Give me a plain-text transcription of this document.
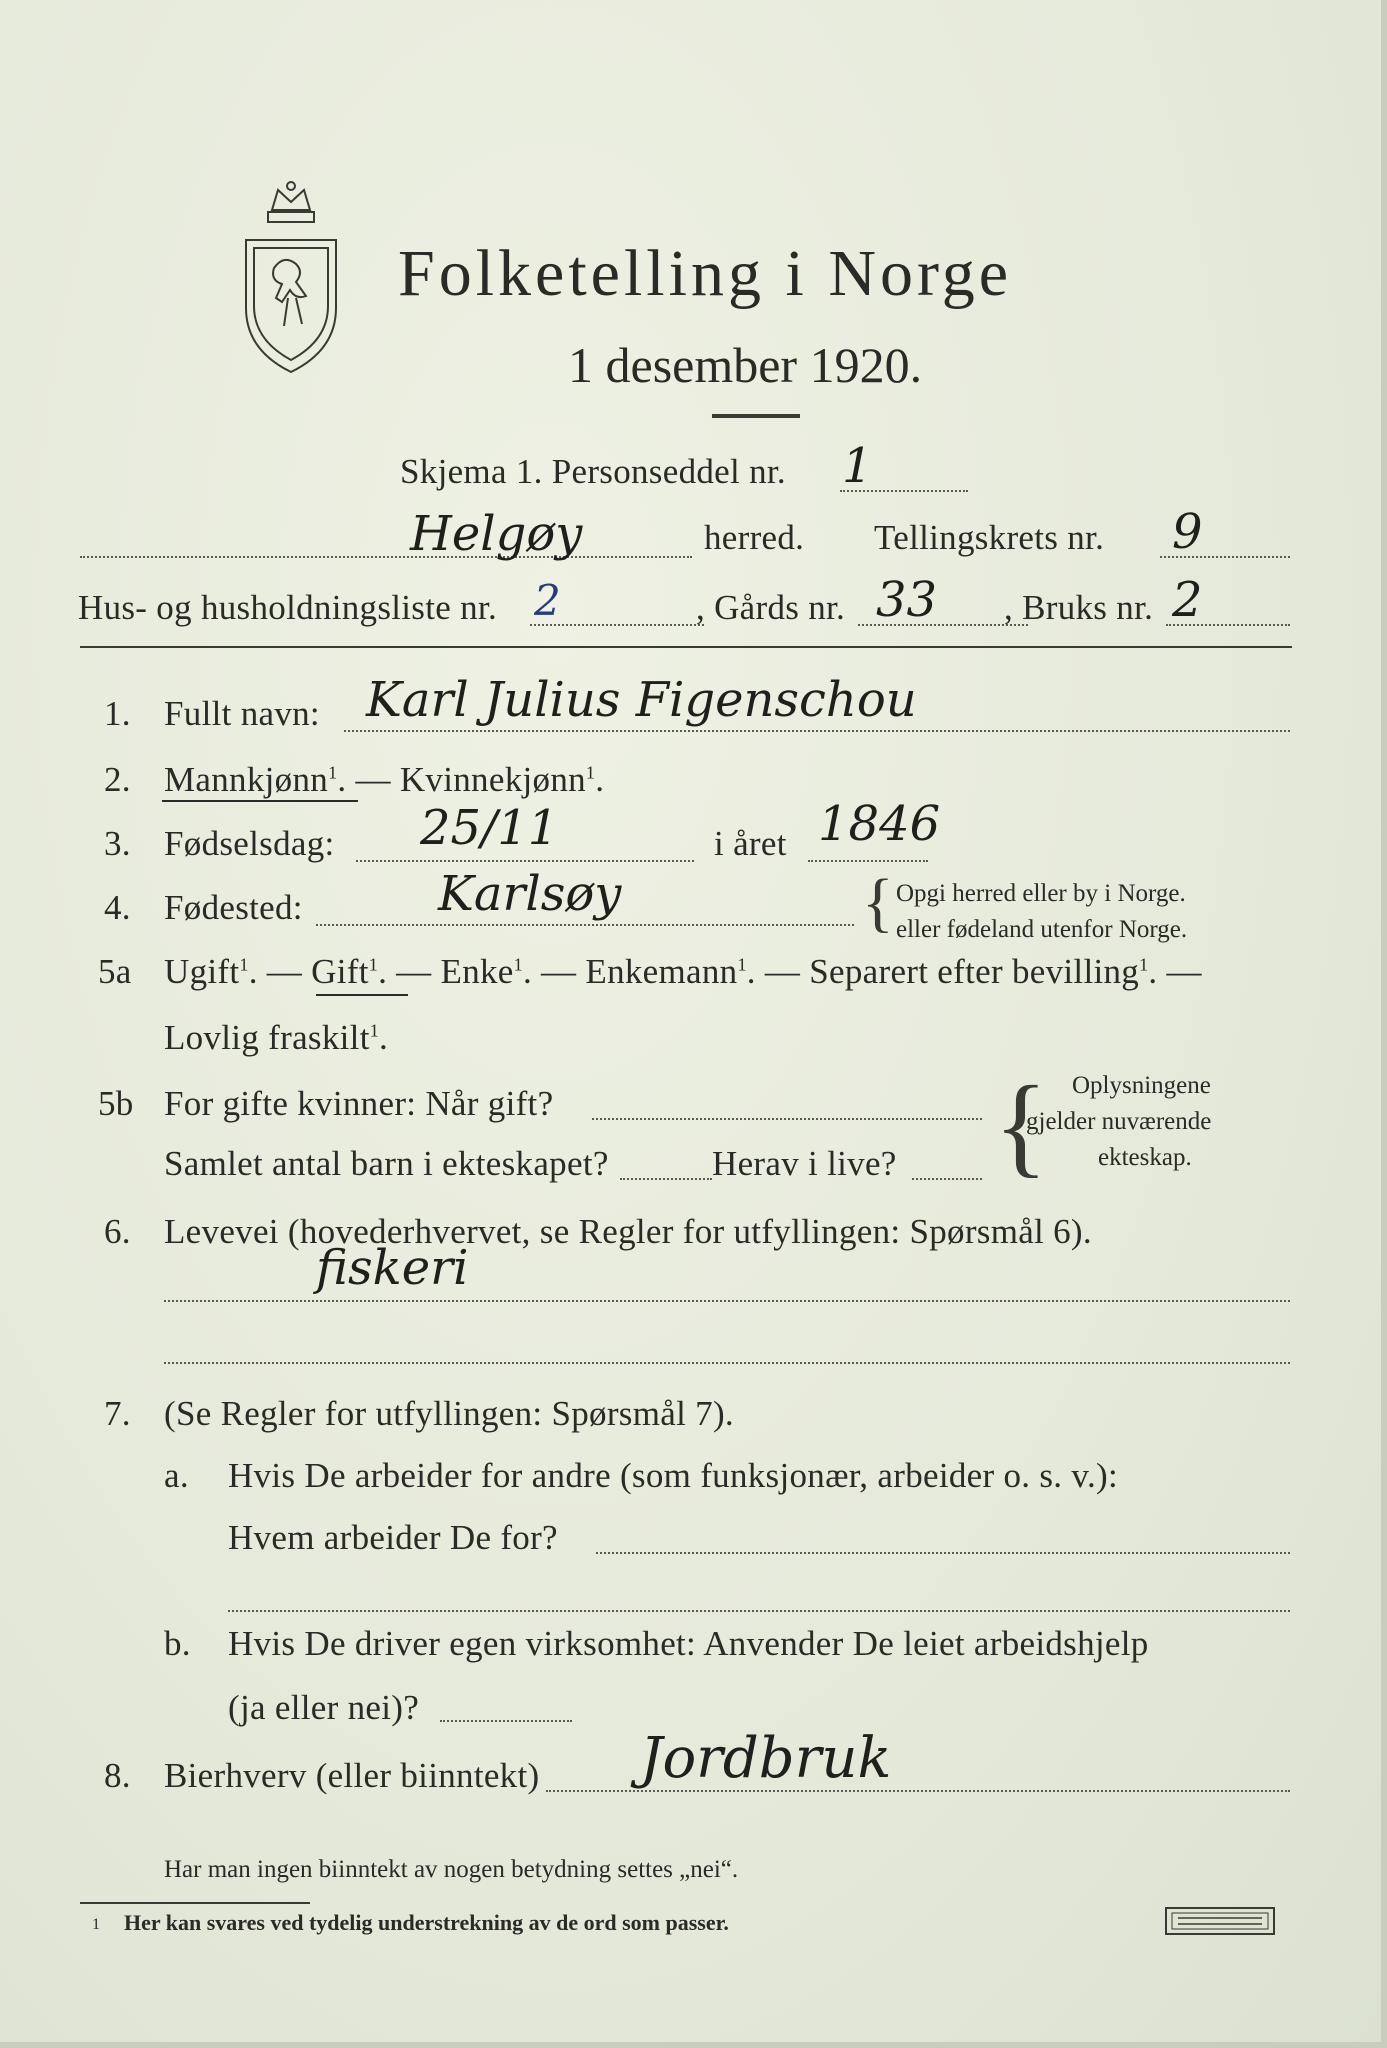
Folketelling i Norge
1 desember 1920.
Skjema 1. Personseddel nr. 1
Helgøy	herred. Tellingskrets nr. 9
Hus- og husholdningsliste nr. 2	, Gårds nr. 33 , Bruks nr. 2
1. Fullt navn: Karl Julius Figenschou
2. Mannkjønn$^1$. — Kvinnekjønn$^1$.
3. Fødselsdag: 25/11	i året 1846
4. Fødested:	Karlsøy	{ Opgi herred eller by i Norge.
eller fødeland utenfor Norge.
5a Ugift$^1$. — Gift$^1$. — Enke$^1$. — Enkemann$^1$. — Separert efter bevilling$^1$. —
Lovlig fraskilt$^1$.
5b For gifte kvinner: Når gift?
Samlet antal barn i ekteskapet?	Herav i live? { Oplysningene
gjelder nuværende
ekteskap.
6. Levevei (hovederhvervet, se Regler for utfyllingen: Spørsmål 6).
fiskeri
7. (Se Regler for utfyllingen: Spørsmål 7).
a. Hvis De arbeider for andre (som funksjonær, arbeider o. s. v.):
Hvem arbeider De for?
b. Hvis De driver egen virksomhet: Anvender De leiet arbeidshjelp
(ja eller nei)?
8. Bierhverv (eller biinntekt) Jordbruk
Har man ingen biinntekt av nogen betydning settes „nei“.
1 Her kan svares ved tydelig understrekning av de ord som passer.
